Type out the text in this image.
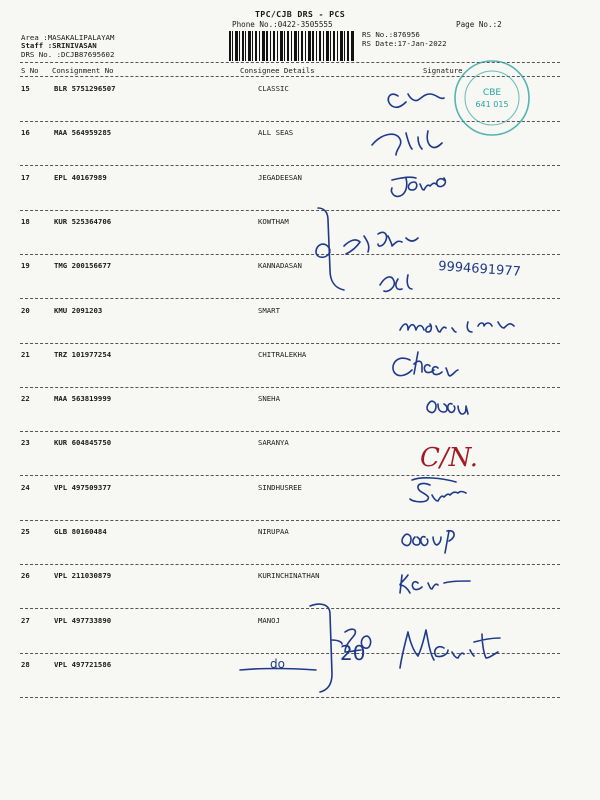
TPC/CJB DRS - PCS
Phone No.:0422-3505555	Page No.:2
Area :MASAKALIPALAYAM
Staff :SRINIVASAN
DRS No. :DCJB87695602
RS No.:876956
RS Date:17-Jan-2022
S No Consignment No	Consignee Details	Signature
15	BLR 5751296507	CLASSIC
16	MAA 564959285	ALL SEAS
17	EPL 40167989	JEGADEESAN
18	KUR 525364706	KOWTHAM
19	TMG 200156677	KANNADASAN
20	KMU 2091203	SMART
21	TRZ 101977254	CHITRALEKHA
22	MAA 563819999	SNEHA
23	KUR 604845750	SARANYA
24	VPL 497509377	SINDHUSREE
25	GLB 80160484	NIRUPAA
26	VPL 211030879	KURINCHINATHAN
27	VPL 497733890	MANOJ
28	VPL 497721586
CBE
641 015
9994691977
do	20
C/N.
